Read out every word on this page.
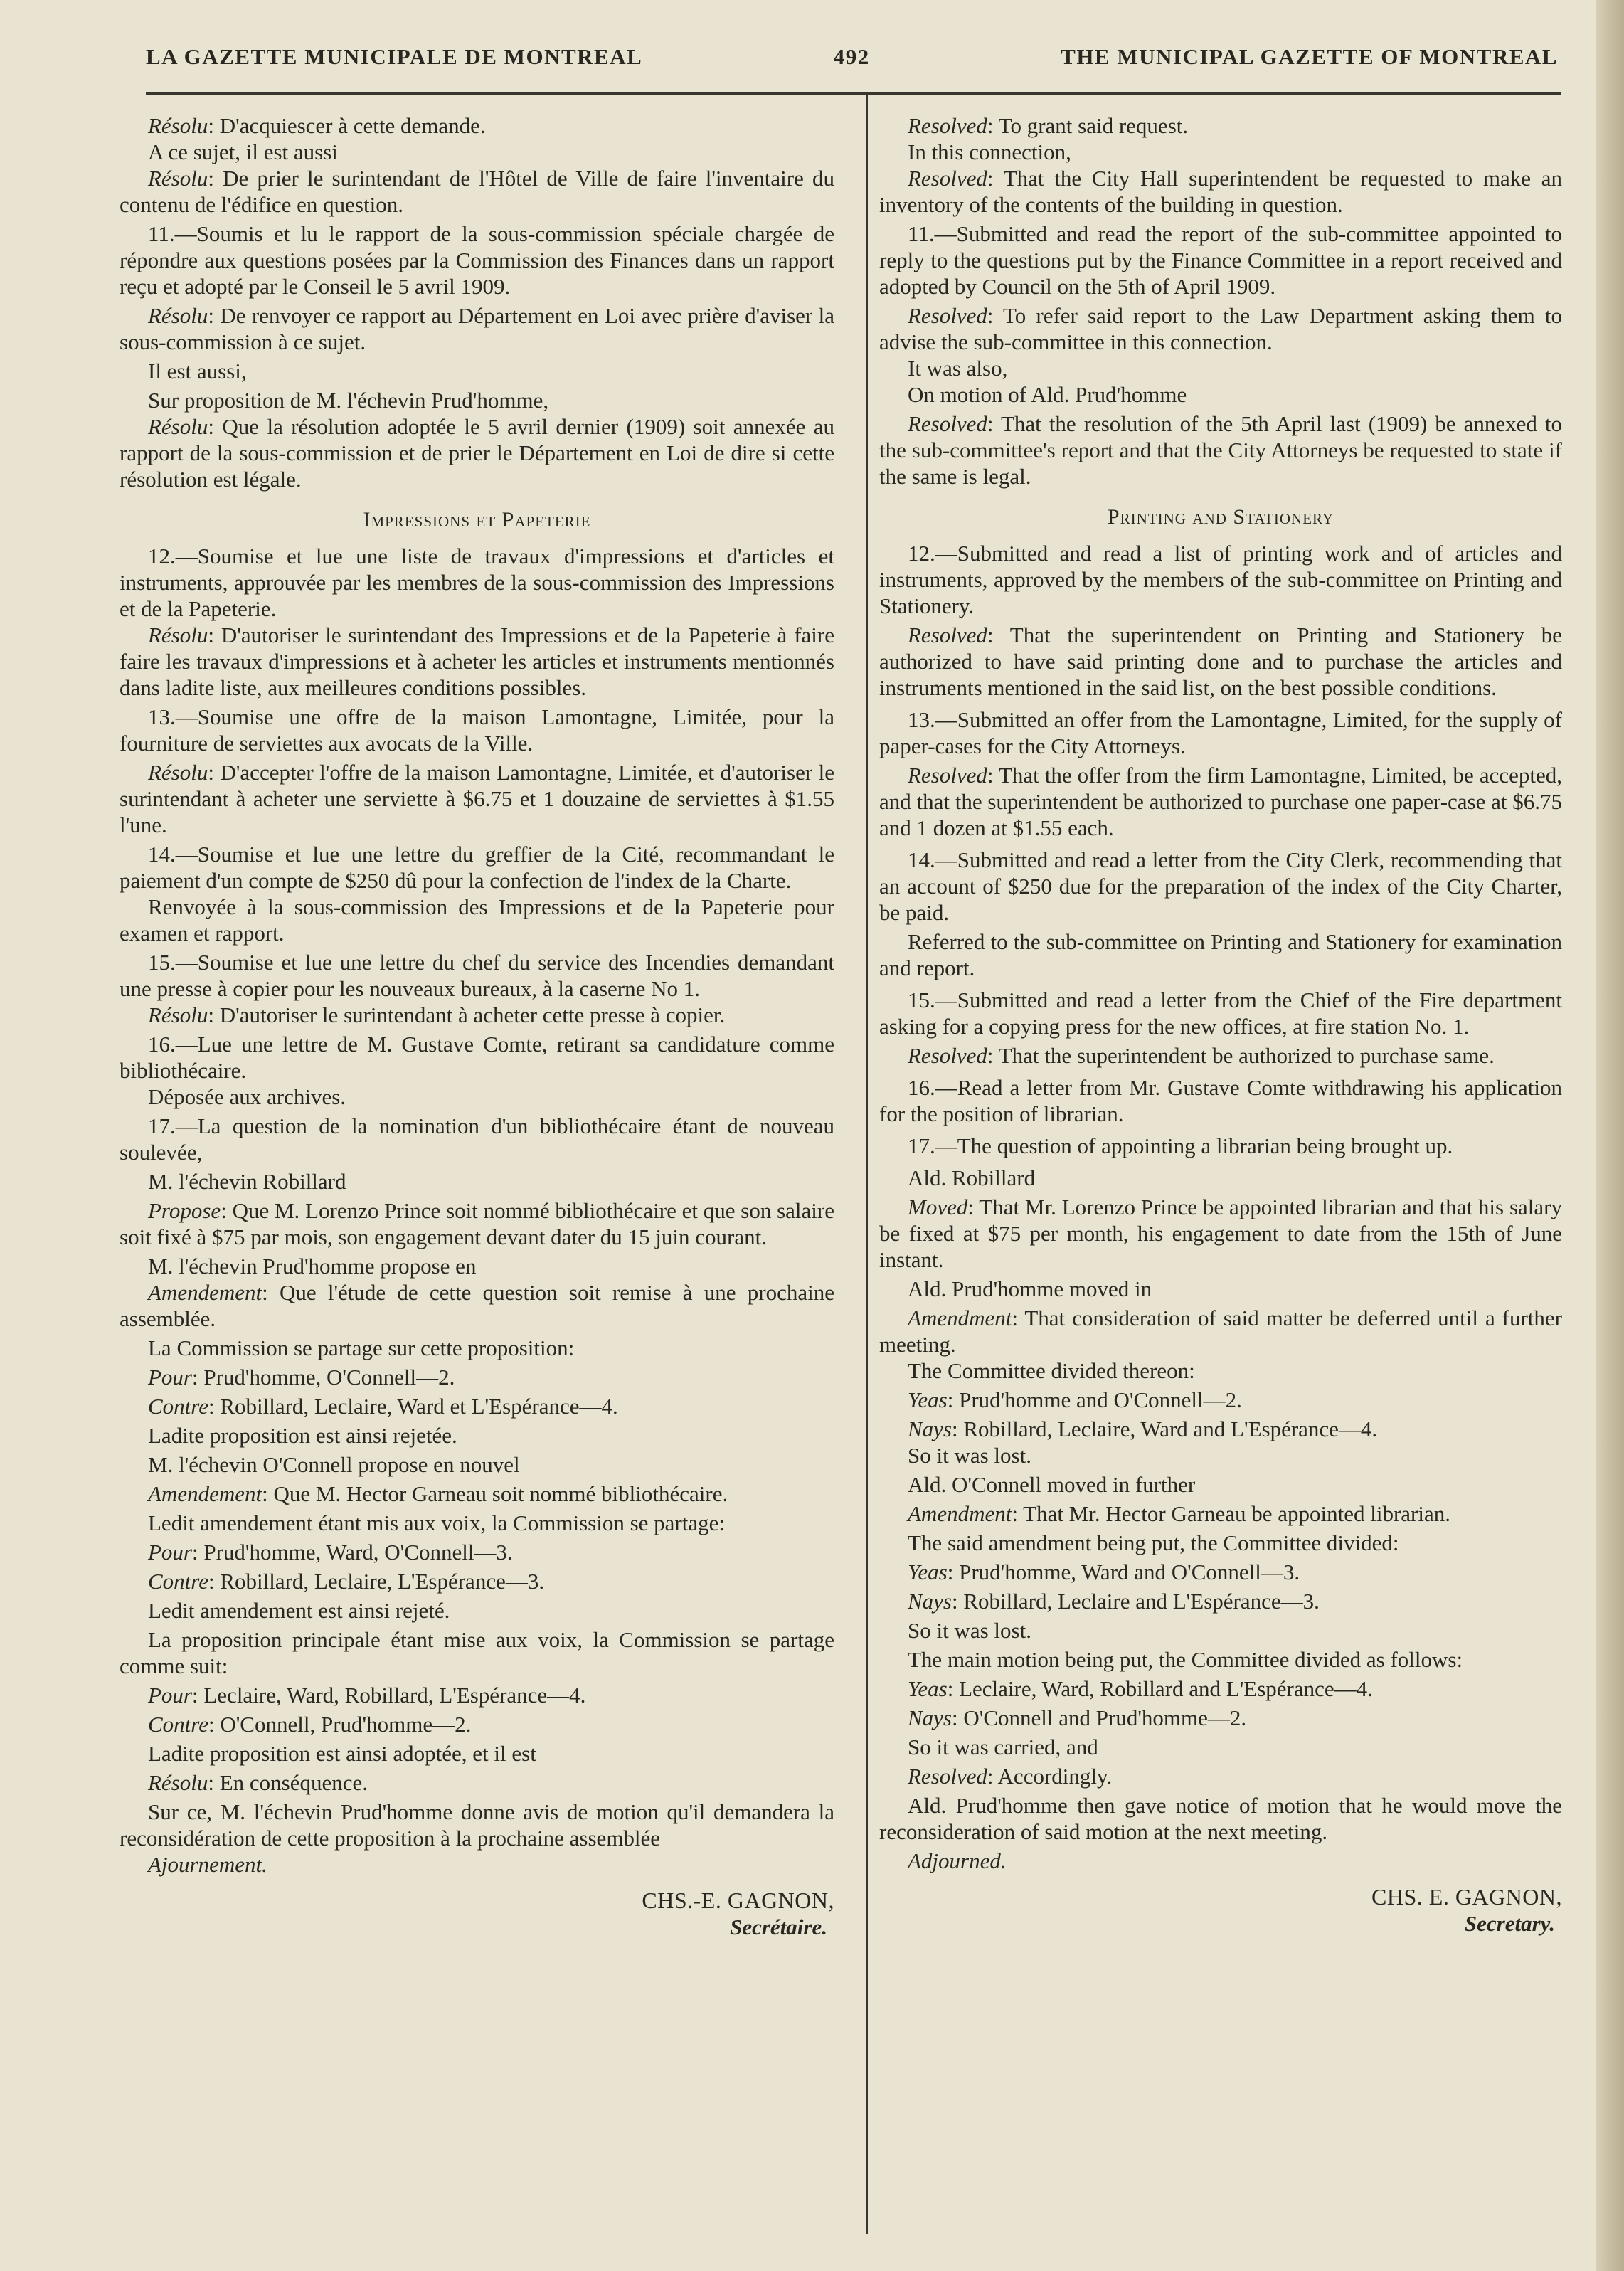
LA GAZETTE MUNICIPALE DE MONTREAL	492	THE MUNICIPAL GAZETTE OF MONTREAL

Résolu: D'acquiescer à cette demande.

A ce sujet, il est aussi

Résolu: De prier le surintendant de l'Hôtel de Ville de faire l'inventaire du contenu de l'édifice en question.

11.—Soumis et lu le rapport de la sous-commission spéciale chargée de répondre aux questions posées par la Commission des Finances dans un rapport reçu et adopté par le Conseil le 5 avril 1909.

Résolu: De renvoyer ce rapport au Département en Loi avec prière d'aviser la sous-commission à ce sujet.

Il est aussi,

Sur proposition de M. l'échevin Prud'homme,

Résolu: Que la résolution adoptée le 5 avril dernier (1909) soit annexée au rapport de la sous-commission et de prier le Département en Loi de dire si cette résolution est légale.

Impressions et Papeterie

12.—Soumise et lue une liste de travaux d'impressions et d'articles et instruments, approuvée par les membres de la sous-commission des Impressions et de la Papeterie.

Résolu: D'autoriser le surintendant des Impressions et de la Papeterie à faire faire les travaux d'impressions et à acheter les articles et instruments mentionnés dans ladite liste, aux meilleures conditions possibles.

13.—Soumise une offre de la maison Lamontagne, Limitée, pour la fourniture de serviettes aux avocats de la Ville.

Résolu: D'accepter l'offre de la maison Lamontagne, Limitée, et d'autoriser le surintendant à acheter une serviette à $6.75 et 1 douzaine de serviettes à $1.55 l'une.

14.—Soumise et lue une lettre du greffier de la Cité, recommandant le paiement d'un compte de $250 dû pour la confection de l'index de la Charte.

Renvoyée à la sous-commission des Impressions et de la Papeterie pour examen et rapport.

15.—Soumise et lue une lettre du chef du service des Incendies demandant une presse à copier pour les nouveaux bureaux, à la caserne No 1.

Résolu: D'autoriser le surintendant à acheter cette presse à copier.

16.—Lue une lettre de M. Gustave Comte, retirant sa candidature comme bibliothécaire.

Déposée aux archives.

17.—La question de la nomination d'un bibliothécaire étant de nouveau soulevée,

M. l'échevin Robillard

Propose: Que M. Lorenzo Prince soit nommé bibliothécaire et que son salaire soit fixé à $75 par mois, son engagement devant dater du 15 juin courant.

M. l'échevin Prud'homme propose en

Amendement: Que l'étude de cette question soit remise à une prochaine assemblée.

La Commission se partage sur cette proposition:

Pour: Prud'homme, O'Connell—2.

Contre: Robillard, Leclaire, Ward et L'Espérance—4.

Ladite proposition est ainsi rejetée.

M. l'échevin O'Connell propose en nouvel

Amendement: Que M. Hector Garneau soit nommé bibliothécaire.

Ledit amendement étant mis aux voix, la Commission se partage:

Pour: Prud'homme, Ward, O'Connell—3.

Contre: Robillard, Leclaire, L'Espérance—3.

Ledit amendement est ainsi rejeté.

La proposition principale étant mise aux voix, la Commission se partage comme suit:

Pour: Leclaire, Ward, Robillard, L'Espérance—4.

Contre: O'Connell, Prud'homme—2.

Ladite proposition est ainsi adoptée, et il est

Résolu: En conséquence.

Sur ce, M. l'échevin Prud'homme donne avis de motion qu'il demandera la reconsidération de cette proposition à la prochaine assemblée

Ajournement.

CHS.-E. GAGNON,

Secrétaire.

Resolved: To grant said request.

In this connection,

Resolved: That the City Hall superintendent be requested to make an inventory of the contents of the building in question.

11.—Submitted and read the report of the sub-committee appointed to reply to the questions put by the Finance Committee in a report received and adopted by Council on the 5th of April 1909.

Resolved: To refer said report to the Law Department asking them to advise the sub-committee in this connection.

It was also,

On motion of Ald. Prud'homme

Resolved: That the resolution of the 5th April last (1909) be annexed to the sub-committee's report and that the City Attorneys be requested to state if the same is legal.

Printing and Stationery

12.—Submitted and read a list of printing work and of articles and instruments, approved by the members of the sub-committee on Printing and Stationery.

Resolved: That the superintendent on Printing and Stationery be authorized to have said printing done and to purchase the articles and instruments mentioned in the said list, on the best possible conditions.

13.—Submitted an offer from the Lamontagne, Limited, for the supply of paper-cases for the City Attorneys.

Resolved: That the offer from the firm Lamontagne, Limited, be accepted, and that the superintendent be authorized to purchase one paper-case at $6.75 and 1 dozen at $1.55 each.

14.—Submitted and read a letter from the City Clerk, recommending that an account of $250 due for the preparation of the index of the City Charter, be paid.

Referred to the sub-committee on Printing and Stationery for examination and report.

15.—Submitted and read a letter from the Chief of the Fire department asking for a copying press for the new offices, at fire station No. 1.

Resolved: That the superintendent be authorized to purchase same.

16.—Read a letter from Mr. Gustave Comte withdrawing his application for the position of librarian.

17.—The question of appointing a librarian being brought up.

Ald. Robillard

Moved: That Mr. Lorenzo Prince be appointed librarian and that his salary be fixed at $75 per month, his engagement to date from the 15th of June instant.

Ald. Prud'homme moved in

Amendment: That consideration of said matter be deferred until a further meeting.

The Committee divided thereon:

Yeas: Prud'homme and O'Connell—2.

Nays: Robillard, Leclaire, Ward and L'Espérance—4.

So it was lost.

Ald. O'Connell moved in further

Amendment: That Mr. Hector Garneau be appointed librarian.

The said amendment being put, the Committee divided:

Yeas: Prud'homme, Ward and O'Connell—3.

Nays: Robillard, Leclaire and L'Espérance—3.

So it was lost.

The main motion being put, the Committee divided as follows:

Yeas: Leclaire, Ward, Robillard and L'Espérance—4.

Nays: O'Connell and Prud'homme—2.

So it was carried, and

Resolved: Accordingly.

Ald. Prud'homme then gave notice of motion that he would move the reconsideration of said motion at the next meeting.

Adjourned.

CHS. E. GAGNON,

Secretary.
